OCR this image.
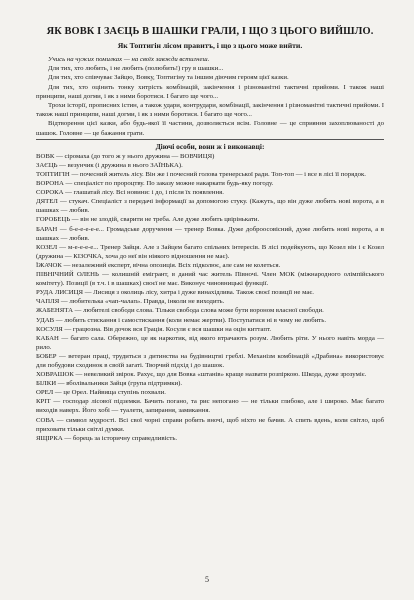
ЯК ВОВК І ЗАЄЦЬ В ШАШКИ ГРАЛИ, І ЩО З ЦЬОГО ВИЙШЛО.
Як Топтигін лісом правитъ, і що з цього може вийти.

Учись на чужих помилках — на своїх завжди встигнеш.

Для тих, хто любить, і не любить (полюбить!) гру в шашки...

Для тих, хто співчуває Зайцю, Вовку, Топтигіну та іншим діючим героям цієї казки.

Для тих, хто оцінить тонку хитрість комбінацій, закінчення і різноманітні тактичні прийоми. І також наші принципи, наші догми, і як з ними боротися. І багато ще чого...

Трохи історії, прописних істин, а також удари, контрудари, комбінації, закінчення і різноманітні тактичні прийоми. І також наші принципи, наші догми, і як з ними боротися. І багато ще чого...

Відтворення цієї казки, або будь-якої її частини, дозволяється всім. Головне — це сприяння захоплюваності до шашок. Головне — це бажання грати.

Діючі особи, вони ж і виконавці:

ВОВК — сіромаха (до того ж у нього дружина — ВОВЧИЦЯ)

ЗАЄЦЬ — везунчик (і дружина в нього ЗАЇНЬКА).

ТОПТИГІН — почесний житель лісу. Він же і почесний голова тренерської ради. Топ-топ — і все в лісі її порядок.

ВОРОНА — спеціаліст по пророцтву. По заказу можне накаркати будь-яку погоду.

СОРОКА — глашатай лісу. Всі новини: і до, і після їх появлення.

ДЯТЕЛ — стукач. Спеціаліст з передачі інформації за допомогою стуку. (Кажуть, що він дуже любить нові ворота, а в шашках — любив.

ГОРОБЕЦЬ — він не злодій, сварити не треба. Але дуже любить цвірінькати.

БАРАН — б-е-е-е-е-е... Громадське доручення — тренер Вовка. Дуже доброосовісний, дуже любить нові ворота, а в шашках — любив.

КОЗЕЛ — м-е-е-е-е... Тренер Зайця. Але з Зайцем багато спільних інтересів. В лісі подейкують, що Козел він і є Козел (дружина — КІЗОЧКА, хоча до неї він ніякого відношення не має).

ЇЖАЧОК — незалежний експерт, вічна опозиція. Всіх підколює, але сам не колеться.

ПІВНІЧНИЙ ОЛЕНЬ — колишній емігрант, в даний час житель Півночі. Член МОК (міжнародного олімпійського комітету). Позиції (в т.ч. і в шашках) своєї не має. Виконує чиновницькі функції.

РУДА ЛИСИЦЯ — Лисиця з околиць лісу, хитра і дуже винахідлива. Також своєї позиції не має.

ЧАПЛЯ — любителька «чап-чалап». Правда, інколи не виходить.

ЖАБЕНЯТА — любителі свободи слова. Тільки свобода слова може бути вороном власної свободи.

УДАВ — любить стискання і самостискання (коли немає жертви). Поступатися ні в чому не любить.

КОСУЛЯ — грацюзна. Вів дочок вся Грація. Косуля є вся шашки на оцін киттапт.

КАБАН — багато сала. Обережно, це як наркотик, від якого втрачають розум. Любить ріти. У нього навіть морда — рило.

БОБЕР — ветеран праці, трудиться з дитинства на будівництві греблі. Механізм комбінацій «Драбина» використовує для побудови сходинок в своїй загаті. Творчий підхід і до шашок.

ХОВРАШОК — невеликий звірок. Рахує, що для Вовка «штанів» краще назвати розпіркою. Шкода, дуже зрозуміє.

БІЛКИ — вболівальники Зайця (група підтримки).

ОРЕЛ — це Орел. Найвища ступінь похвали.

КРІТ — господар лісової підземки. Бачить погано, та рис непогано — не тільки глибоко, але і широко. Має багато виходів наверх. Його хобі — туалети, запирання, замикання.

СОВА — символ мудрості. Всі свої чорні справи робить вночі, щоб ніхто не бачив. А спить вдень, коли світло, щоб приховати тільки світлі думки.

ЯЩІРКА — борець за історичну справедливість.

5
